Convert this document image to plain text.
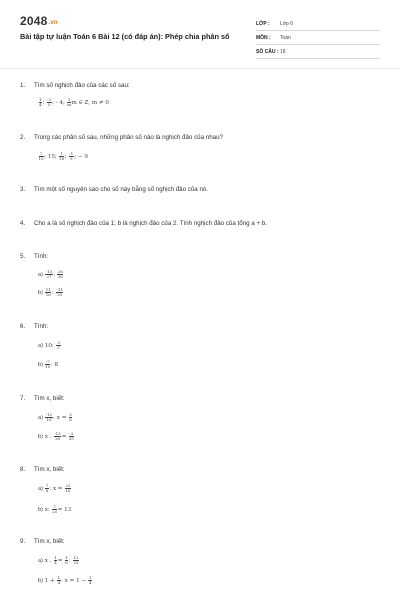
2048.vn
Bài tập tự luận Toán 6 Bài 12 (có đáp án): Phép chia phân số
LỚP :	Lớp 6
MÔN :	Toán
SỐ CÂU : 18
1. Tìm số nghịch đảo của các số sau:
$\frac{1}{4}$ ; $\frac{-2}{5}$ ; - 4; $\frac{1}{m}$ m ∈ Z, m ≠ 0
2. Trong các phân số sau, những phân số nào là nghịch đảo của nhau?
$\frac{7}{15}$ ; 15; $\frac{1}{18}$ ; $\frac{-1}{9}$ ; − 9
3. Tìm một số nguyên sao cho số này bằng số nghịch đảo của nó.
4. Cho a là số nghịch đảo của 1; b là nghịch đảo của 2. Tính nghịch đảo của tổng a + b.
5. Tính:
$a) \frac{-13}{27}$ : $\frac{26}{36}$
$b) \frac{11}{16}$ : $\frac{-11}{32}$
6. Tính:
a) 10: $\frac{-2}{5}$
$b) \frac{-7}{15}$ : 8
7. Tìm x, biết:
$a) \frac{-12}{18}$ . $x = \frac{5}{6}$
b) x . $\frac{-13}{26} = \frac{-3}{35}$
8. Tìm x, biết:
$a) \frac{7}{8}$ : $x = \frac{21}{16}$
b) x: $\frac{7}{25} = 13$
9. Tìm x, biết:
a) x . $\frac{1}{4} = \frac{1}{6}$ : $\frac{12}{25}$
b) $1 + \frac{1}{4}$ . $x = 1 - \frac{1}{4}$
